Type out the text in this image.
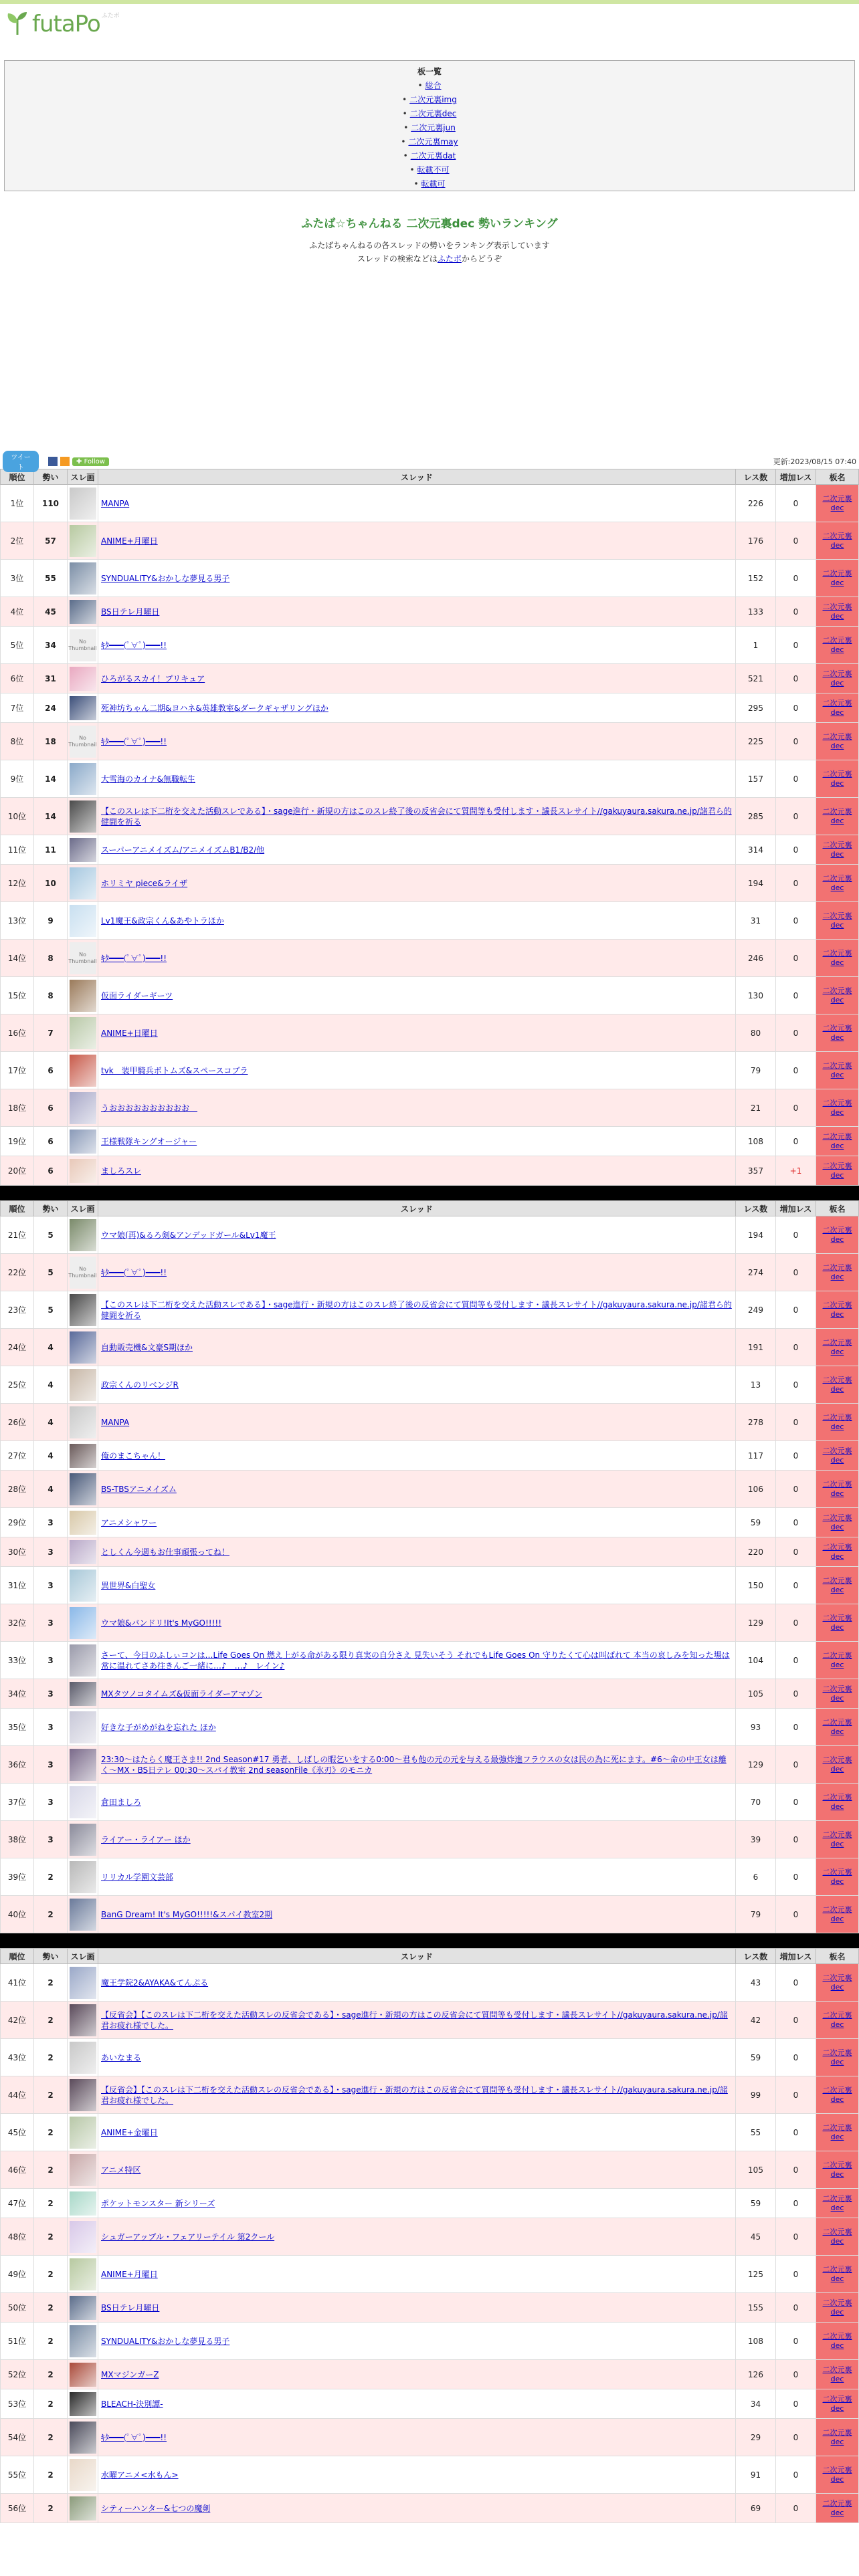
futaPo ふたポ
板一覧
• 総合
• 二次元裏img
• 二次元裏dec
• 二次元裏jun
• 二次元裏may
• 二次元裏dat
• 転載不可
• 転載可
ふたば☆ちゃんねる 二次元裏dec 勢いランキング
ふたばちゃんねるの各スレッドの勢いをランキング表示しています
スレッドの検索などはふたポからどうぞ
ツイート
✚ Follow	更新:2023/08/15 07:40
順位	勢い	スレ画	スレッド	レス数	増加レス	板名
1位	110		MANPA	226	0	二次元裏dec
2位	57		ANIME+月曜日	176	0	二次元裏dec
3位	55		SYNDUALITY&おかしな夢見る男子	152	0	二次元裏dec
4位	45		BS日テレ月曜日	133	0	二次元裏dec
5位	34	No Thumbnail	ｷﾀ━━━(ﾟ∀ﾟ)━━━!!	1	0	二次元裏dec
6位	31		ひろがるスカイ！プリキュア	521	0	二次元裏dec
7位	24		死神坊ちゃん二期&ヨハネ&英雄教室&ダークギャザリングほか	295	0	二次元裏dec
8位	18	No Thumbnail	ｷﾀ━━━(ﾟ∀ﾟ)━━━!!	225	0	二次元裏dec
9位	14		大雪海のカイナ&無職転生	157	0	二次元裏dec
10位	14		【このスレは下二桁を交えた活動スレである】・sage進行・新規の方はこのスレ終了後の反省会にて質問等も受付します・議長スレサイト//gakuyaura.sakura.ne.jp/諸君ら的健闘を祈る	285	0	二次元裏dec
11位	11		スーパーアニメイズム/アニメイズムB1/B2/他	314	0	二次元裏dec
12位	10		ホリミヤ piece&ライザ	194	0	二次元裏dec
13位	9		Lv1魔王&政宗くん&あやトラほか	31	0	二次元裏dec
14位	8	No Thumbnail	ｷﾀ━━━(ﾟ∀ﾟ)━━━!!	246	0	二次元裏dec
15位	8		仮面ライダーギーツ	130	0	二次元裏dec
16位	7		ANIME+日曜日	80	0	二次元裏dec
17位	6		tvk　装甲騎兵ボトムズ&スペースコブラ	79	0	二次元裏dec
18位	6		うおおおおおおおおおお　	21	0	二次元裏dec
19位	6		王様戦隊キングオージャー	108	0	二次元裏dec
20位	6		ましろスレ	357	+1	二次元裏dec
順位	勢い	スレ画	スレッド	レス数	増加レス	板名
21位	5		ウマ娘(再)&るろ剣&アンデッドガール&Lv1魔王	194	0	二次元裏dec
22位	5	No Thumbnail	ｷﾀ━━━(ﾟ∀ﾟ)━━━!!	274	0	二次元裏dec
23位	5		【このスレは下二桁を交えた活動スレである】・sage進行・新規の方はこのスレ終了後の反省会にて質問等も受付します・議長スレサイト//gakuyaura.sakura.ne.jp/諸君ら的健闘を祈る	249	0	二次元裏dec
24位	4		自動販売機&文豪S期ほか	191	0	二次元裏dec
25位	4		政宗くんのリベンジR	13	0	二次元裏dec
26位	4		MANPA	278	0	二次元裏dec
27位	4		俺のまこちゃん！	117	0	二次元裏dec
28位	4		BS-TBSアニメイズム	106	0	二次元裏dec
29位	3		アニメシャワー	59	0	二次元裏dec
30位	3		としくん今週もお仕事頑張ってね！	220	0	二次元裏dec
31位	3		異世界&白聖女	150	0	二次元裏dec
32位	3		ウマ娘&バンドリ!It's MyGO!!!!!	129	0	二次元裏dec
33位	3		さーて、今日のふしぃコンは…Life Goes On 燃え上がる命がある限り真実の自分さえ 見失いそう それでもLife Goes On 守りたくて心は叫ばれて 本当の哀しみを知った場は常に温れてさあ往きんご一緒に…♪　…♪　レイン♪	104	0	二次元裏dec
34位	3		MXタツノコタイムズ&仮面ライダーアマゾン	105	0	二次元裏dec
35位	3		好きな子がめがねを忘れた ほか	93	0	二次元裏dec
36位	3		23:30〜はたらく魔王さま!! 2nd Season#17 勇者、しばしの暇乞いをする0:00〜君も他の元の元を与える最強炸進フラウスの女は民の為に死にます。#6〜命の中王女は離く〜MX・BS日テレ 00:30〜スパイ教室 2nd seasonFile《氷刃》のモニカ	129	0	二次元裏dec
37位	3		倉田ましろ	70	0	二次元裏dec
38位	3		ライアー・ライアー ほか	39	0	二次元裏dec
39位	2		リリカル学園文芸部	6	0	二次元裏dec
40位	2		BanG Dream! It's MyGO!!!!!&スパイ教室2期	79	0	二次元裏dec
順位	勢い	スレ画	スレッド	レス数	増加レス	板名
41位	2		魔王学院2&AYAKA&てんぷる	43	0	二次元裏dec
42位	2		【反省会】【このスレは下二桁を交えた活動スレの反省会である】・sage進行・新規の方はこの反省会にて質問等も受付します・議長スレサイト//gakuyaura.sakura.ne.jp/諸君お疲れ様でした。	42	0	二次元裏dec
43位	2		あいなまる	59	0	二次元裏dec
44位	2		【反省会】【このスレは下二桁を交えた活動スレの反省会である】・sage進行・新規の方はこの反省会にて質問等も受付します・議長スレサイト//gakuyaura.sakura.ne.jp/諸君お疲れ様でした。	99	0	二次元裏dec
45位	2		ANIME+金曜日	55	0	二次元裏dec
46位	2		アニメ特区	105	0	二次元裏dec
47位	2		ポケットモンスター 新シリーズ	59	0	二次元裏dec
48位	2		シュガーアップル・フェアリーテイル 第2クール	45	0	二次元裏dec
49位	2		ANIME+月曜日	125	0	二次元裏dec
50位	2		BS日テレ月曜日	155	0	二次元裏dec
51位	2		SYNDUALITY&おかしな夢見る男子	108	0	二次元裏dec
52位	2		MXマジンガーZ	126	0	二次元裏dec
53位	2		BLEACH-決別譚-	34	0	二次元裏dec
54位	2		ｷﾀ━━━(ﾟ∀ﾟ)━━━!!	29	0	二次元裏dec
55位	2		水曜アニメ<水もん>	91	0	二次元裏dec
56位	2		シティーハンター&七つの魔剣	69	0	二次元裏dec
